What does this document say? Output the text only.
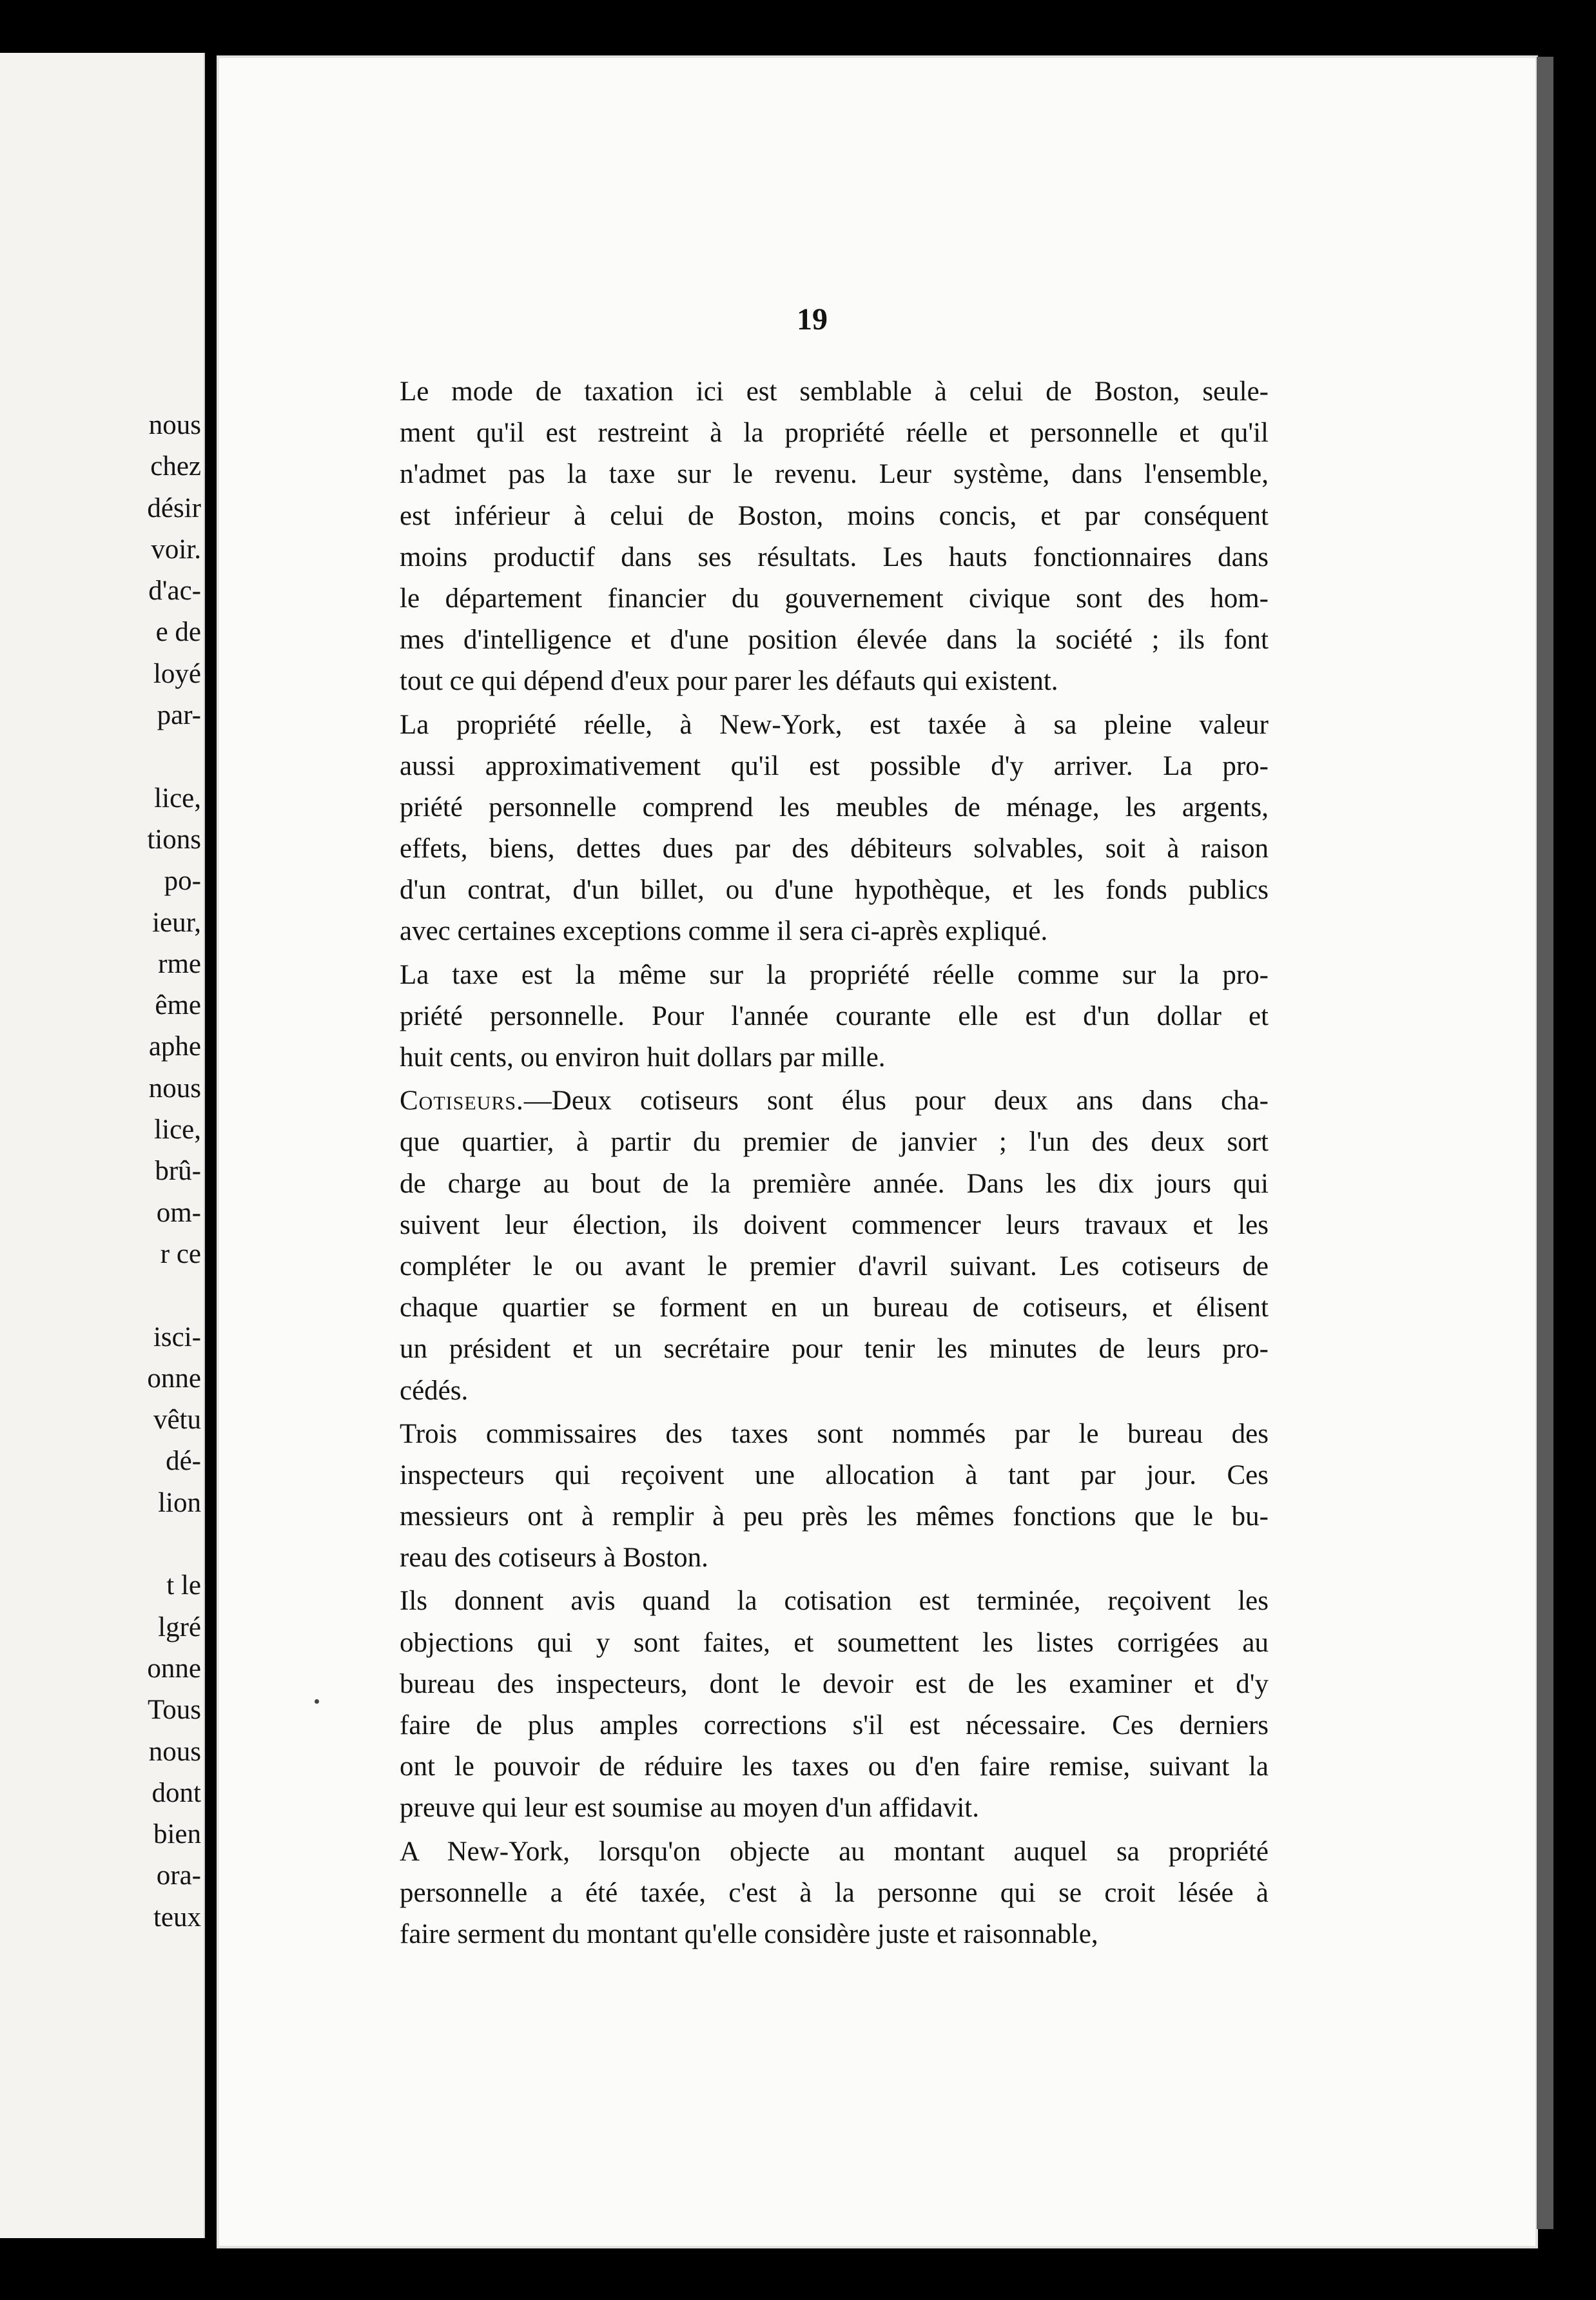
nous
chez
désir
voir.
d'ac-
e de
loyé
par-
lice,
tions
po-
ieur,
rme
ême
aphe
nous
lice,
brû-
om-
r ce
isci-
onne
vêtu
dé-
lion
t le
lgré
onne
Tous
nous
dont
bien
ora-
teux
19

Le mode de taxation ici est semblable à celui de Boston, seule-
ment qu'il est restreint à la propriété réelle et personnelle et qu'il
n'admet pas la taxe sur le revenu. Leur système, dans l'ensemble,
est inférieur à celui de Boston, moins concis, et par conséquent
moins productif dans ses résultats. Les hauts fonctionnaires dans
le département financier du gouvernement civique sont des hom-
mes d'intelligence et d'une position élevée dans la société ; ils font
tout ce qui dépend d'eux pour parer les défauts qui existent.

La propriété réelle, à New-York, est taxée à sa pleine valeur
aussi approximativement qu'il est possible d'y arriver. La pro-
priété personnelle comprend les meubles de ménage, les argents,
effets, biens, dettes dues par des débiteurs solvables, soit à raison
d'un contrat, d'un billet, ou d'une hypothèque, et les fonds publics
avec certaines exceptions comme il sera ci-après expliqué.

La taxe est la même sur la propriété réelle comme sur la pro-
priété personnelle. Pour l'année courante elle est d'un dollar et
huit cents, ou environ huit dollars par mille.

Cotiseurs.—Deux cotiseurs sont élus pour deux ans dans cha-
que quartier, à partir du premier de janvier ; l'un des deux sort
de charge au bout de la première année. Dans les dix jours qui
suivent leur élection, ils doivent commencer leurs travaux et les
compléter le ou avant le premier d'avril suivant. Les cotiseurs de
chaque quartier se forment en un bureau de cotiseurs, et élisent
un président et un secrétaire pour tenir les minutes de leurs pro-
cédés.

Trois commissaires des taxes sont nommés par le bureau des
inspecteurs qui reçoivent une allocation à tant par jour. Ces
messieurs ont à remplir à peu près les mêmes fonctions que le bu-
reau des cotiseurs à Boston.

Ils donnent avis quand la cotisation est terminée, reçoivent les
objections qui y sont faites, et soumettent les listes corrigées au
bureau des inspecteurs, dont le devoir est de les examiner et d'y
faire de plus amples corrections s'il est nécessaire. Ces derniers
ont le pouvoir de réduire les taxes ou d'en faire remise, suivant la
preuve qui leur est soumise au moyen d'un affidavit.

A New-York, lorsqu'on objecte au montant auquel sa propriété
personnelle a été taxée, c'est à la personne qui se croit lésée à
faire serment du montant qu'elle considère juste et raisonnable,
